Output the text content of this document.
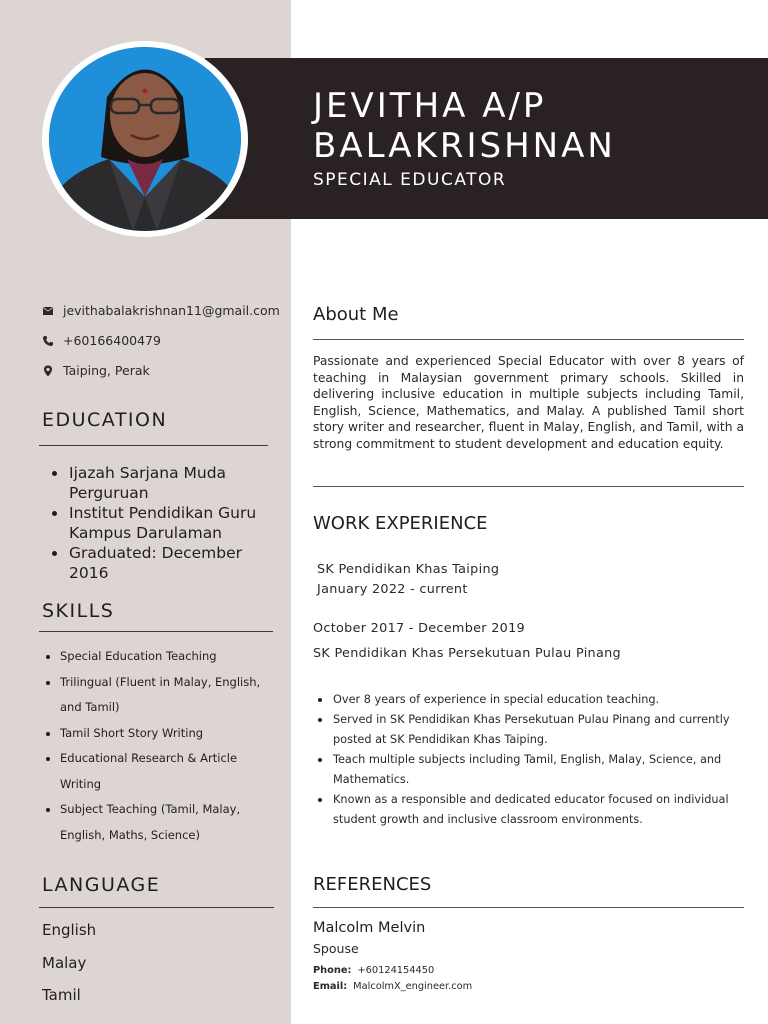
JEVITHA A/P BALAKRISHNAN
SPECIAL EDUCATOR
jevithabalakrishnan11@gmail.com
+60166400479
Taiping, Perak
EDUCATION
Ijazah Sarjana Muda Perguruan
Institut Pendidikan Guru Kampus Darulaman
Graduated: December 2016
SKILLS
Special Education Teaching
Trilingual (Fluent in Malay, English, and Tamil)
Tamil Short Story Writing
Educational Research & Article Writing
Subject Teaching (Tamil, Malay, English, Maths, Science)
LANGUAGE
English
Malay
Tamil
About Me
Passionate and experienced Special Educator with over 8 years of teaching in Malaysian government primary schools. Skilled in delivering inclusive education in multiple subjects including Tamil, English, Science, Mathematics, and Malay. A published Tamil short story writer and researcher, fluent in Malay, English, and Tamil, with a strong commitment to student development and education equity.
WORK EXPERIENCE
SK Pendidikan Khas Taiping
January 2022 - current
October 2017 - December 2019
SK Pendidikan Khas Persekutuan Pulau Pinang
Over 8 years of experience in special education teaching.
Served in SK Pendidikan Khas Persekutuan Pulau Pinang and currently posted at SK Pendidikan Khas Taiping.
Teach multiple subjects including Tamil, English, Malay, Science, and Mathematics.
Known as a responsible and dedicated educator focused on individual student growth and inclusive classroom environments.
REFERENCES
Malcolm Melvin
Spouse
Phone: +60124154450
Email: MalcolmX_engineer.com
